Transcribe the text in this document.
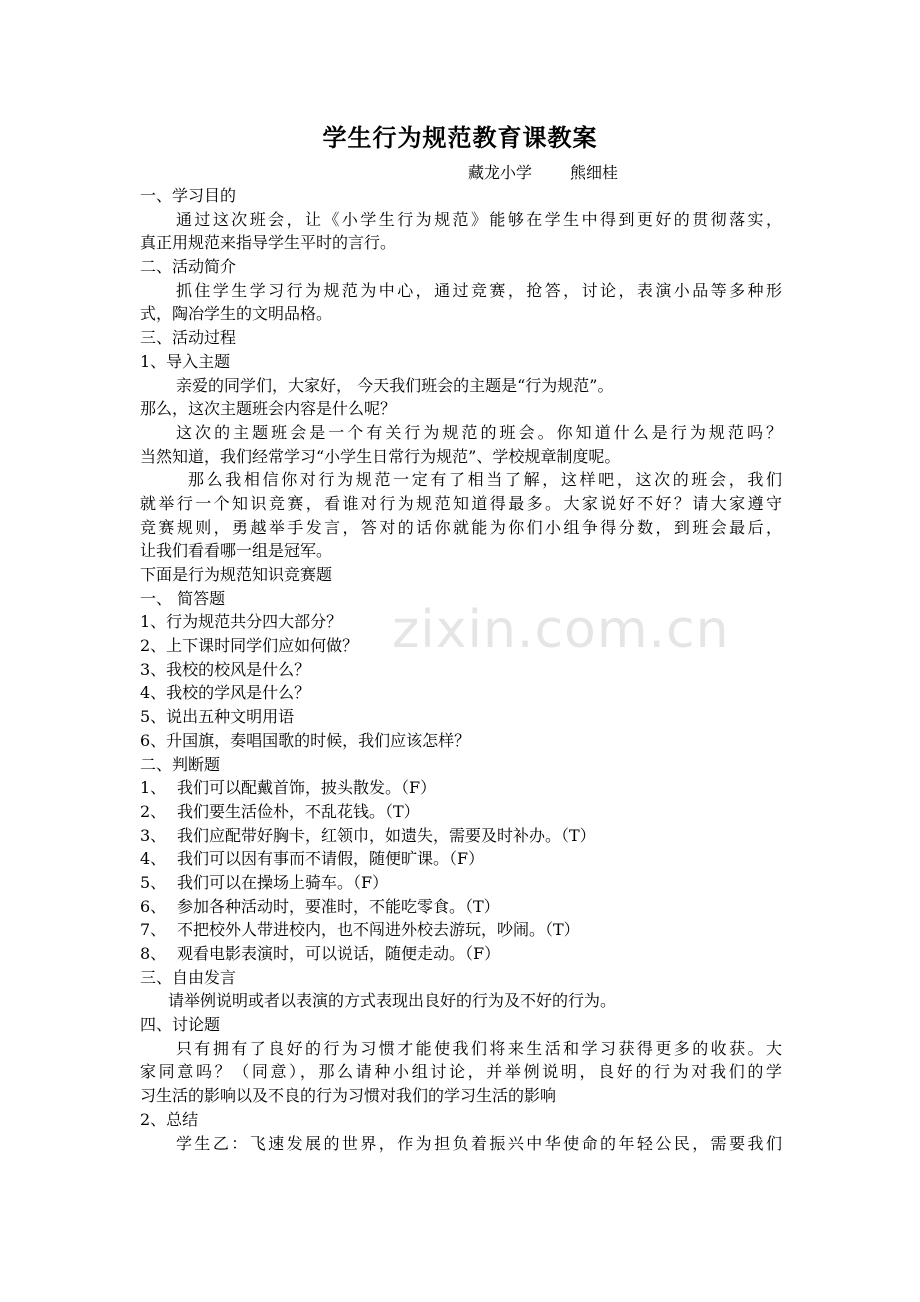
zixin.com.cn
学生行为规范教育课教案
藏龙小学 熊细桂
一、学习目的
通过这次班会，让《小学生行为规范》能够在学生中得到更好的贯彻落实，
真正用规范来指导学生平时的言行。
二、活动简介
抓住学生学习行为规范为中心，通过竞赛，抢答，讨论，表演小品等多种形
式，陶冶学生的文明品格。
三、活动过程
1、导入主题
亲爱的同学们，大家好， 今天我们班会的主题是“行为规范”。
那么，这次主题班会内容是什么呢？
这次的主题班会是一个有关行为规范的班会。你知道什么是行为规范吗？
当然知道，我们经常学习“小学生日常行为规范”、学校规章制度呢。
那么我相信你对行为规范一定有了相当了解，这样吧，这次的班会，我们
就举行一个知识竞赛，看谁对行为规范知道得最多。大家说好不好？请大家遵守
竞赛规则，勇越举手发言，答对的话你就能为你们小组争得分数，到班会最后，
让我们看看哪一组是冠军。
下面是行为规范知识竞赛题
一、 简答题
1、行为规范共分四大部分？
2、上下课时同学们应如何做？
3、我校的校风是什么？
4、我校的学风是什么？
5、说出五种文明用语
6、升国旗，奏唱国歌的时候，我们应该怎样？
二、判断题
1、 我们可以配戴首饰，披头散发。（F）
2、 我们要生活俭朴，不乱花钱。（T）
3、 我们应配带好胸卡，红领巾，如遗失，需要及时补办。（T）
4、 我们可以因有事而不请假，随便旷课。（F）
5、 我们可以在操场上骑车。（F）
6、 参加各种活动时，要准时，不能吃零食。（T）
7、 不把校外人带进校内，也不闯进外校去游玩，吵闹。（T）
8、 观看电影表演时，可以说话，随便走动。（F）
三、自由发言
请举例说明或者以表演的方式表现出良好的行为及不好的行为。
四、讨论题
只有拥有了良好的行为习惯才能使我们将来生活和学习获得更多的收获。大
家同意吗？（同意），那么请种小组讨论，并举例说明，良好的行为对我们的学
习生活的影响以及不良的行为习惯对我们的学习生活的影响
2、总结
学生乙：飞速发展的世界，作为担负着振兴中华使命的年轻公民，需要我们
